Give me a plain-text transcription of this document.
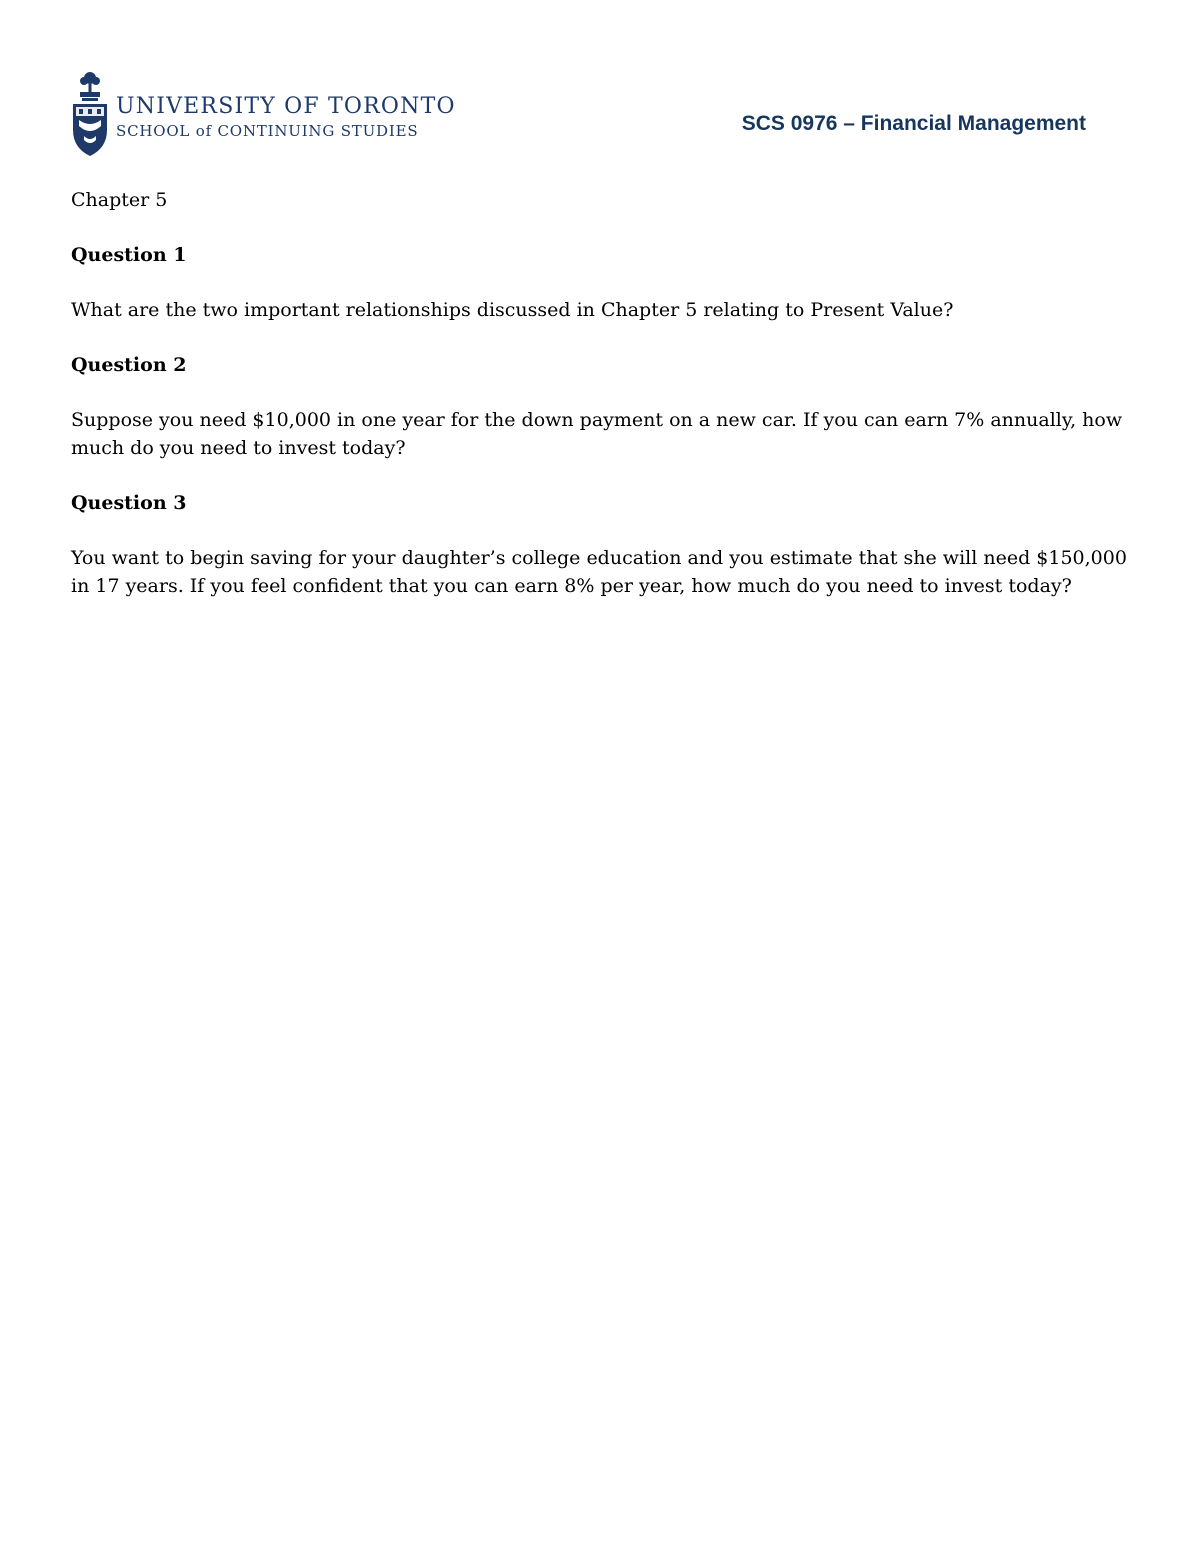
UNIVERSITY OF TORONTO
SCHOOL of CONTINUING STUDIES	SCS 0976 – Financial Management

Chapter 5

Question 1

What are the two important relationships discussed in Chapter 5 relating to Present Value?

Question 2

Suppose you need $10,000 in one year for the down payment on a new car. If you can earn 7% annually, how much do you need to invest today?

Question 3

You want to begin saving for your daughter’s college education and you estimate that she will need $150,000 in 17 years. If you feel confident that you can earn 8% per year, how much do you need to invest today?
